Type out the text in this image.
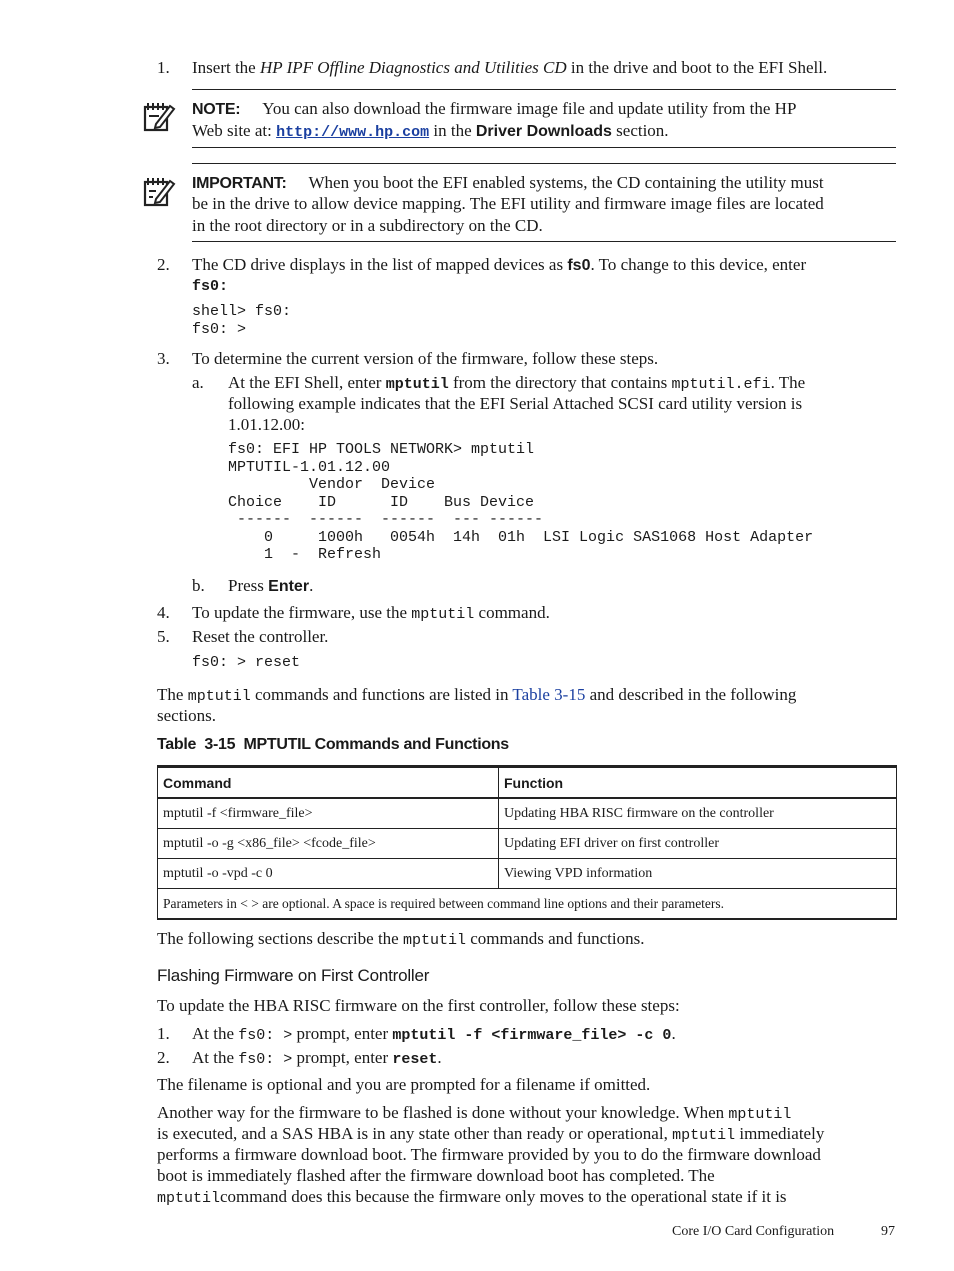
1. Insert the HP IPF Offline Diagnostics and Utilities CD in the drive and boot to the EFI Shell.
NOTE: You can also download the firmware image file and update utility from the HP
Web site at: http://www.hp.com in the Driver Downloads section.
IMPORTANT: When you boot the EFI enabled systems, the CD containing the utility must
be in the drive to allow device mapping. The EFI utility and firmware image files are located
in the root directory or in a subdirectory on the CD.
2. The CD drive displays in the list of mapped devices as fs0. To change to this device, enter
fs0:
shell> fs0:
fs0: >
3. To determine the current version of the firmware, follow these steps.
a. At the EFI Shell, enter mptutil from the directory that contains mptutil.efi. The
following example indicates that the EFI Serial Attached SCSI card utility version is
1.01.12.00:
fs0: EFI HP TOOLS NETWORK> mptutil
MPTUTIL-1.01.12.00
Vendor  Device
Choice    ID      ID    Bus Device
------  ------  ------  --- ------
0     1000h   0054h  14h  01h  LSI Logic SAS1068 Host Adapter
1  -  Refresh
b. Press Enter.
4. To update the firmware, use the mptutil command.
5. Reset the controller.
fs0: > reset
The mptutil commands and functions are listed in Table 3-15 and described in the following
sections.
Table  3-15  MPTUTIL Commands and Functions
Command	Function
mptutil -f <firmware_file>	Updating HBA RISC firmware on the controller
mptutil -o -g <x86_file> <fcode_file>	Updating EFI driver on first controller
mptutil -o -vpd -c 0	Viewing VPD information
Parameters in < > are optional. A space is required between command line options and their parameters.	
The following sections describe the mptutil commands and functions.
Flashing Firmware on First Controller
To update the HBA RISC firmware on the first controller, follow these steps:
1. At the fs0: > prompt, enter mptutil -f <firmware_file> -c 0.
2. At the fs0: > prompt, enter reset.
The filename is optional and you are prompted for a filename if omitted.
Another way for the firmware to be flashed is done without your knowledge. When mptutil
is executed, and a SAS HBA is in any state other than ready or operational, mptutil immediately
performs a firmware download boot. The firmware provided by you to do the firmware download
boot is immediately flashed after the firmware download boot has completed. The
mptutilcommand does this because the firmware only moves to the operational state if it is
Core I/O Card Configuration	97
